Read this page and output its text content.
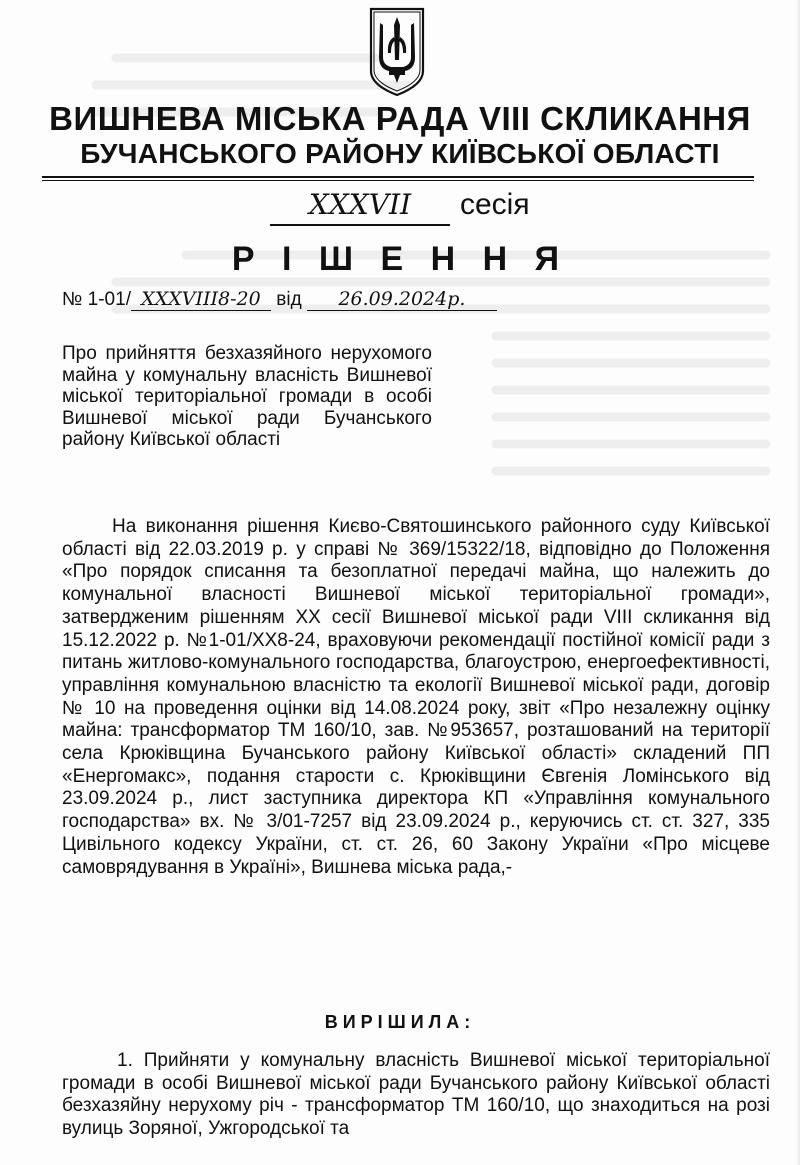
ВИШНЕВА МІСЬКА РАДА VIII СКЛИКАННЯ
БУЧАНСЬКОГО РАЙОНУ КИЇВСЬКОЇ ОБЛАСТІ
XXXVII сесія
Р І Ш Е Н Н Я
№ 1-01/ XXXVIII8-20 від 26.09.2024р.

Про прийняття безхазяйного нерухомого майна у комунальну власність Вишневої міської територіальної громади в особі Вишневої міської ради Бучанського району Київської області

На виконання рішення Києво-Святошинського районного суду Київської області від 22.03.2019 р. у справі № 369/15322/18, відповідно до Положення «Про порядок списання та безоплатної передачі майна, що належить до комунальної власності Вишневої міської територіальної громади», затвердженим рішенням ХХ сесії Вишневої міської ради VIII скликання від 15.12.2022 р. №1-01/ХХ8-24, враховуючи рекомендації постійної комісії ради з питань житлово-комунального господарства, благоустрою, енергоефективності, управління комунальною власністю та екології Вишневої міської ради, договір № 10 на проведення оцінки від 14.08.2024 року, звіт «Про незалежну оцінку майна: трансформатор ТМ 160/10, зав. №953657, розташований на території села Крюківщина Бучанського району Київської області» складений ПП «Енергомакс», подання старости с. Крюківщини Євгенія Ломінського від 23.09.2024 р., лист заступника директора КП «Управління комунального господарства» вх. № 3/01-7257 від 23.09.2024 р., керуючись ст. ст. 327, 335 Цивільного кодексу України, ст. ст. 26, 60 Закону України «Про місцеве самоврядування в Україні», Вишнева міська рада,-

ВИРІШИЛА:

1. Прийняти у комунальну власність Вишневої міської територіальної громади в особі Вишневої міської ради Бучанського району Київської області безхазяйну нерухому річ - трансформатор ТМ 160/10, що знаходиться на розі вулиць Зоряної, Ужгородської та
